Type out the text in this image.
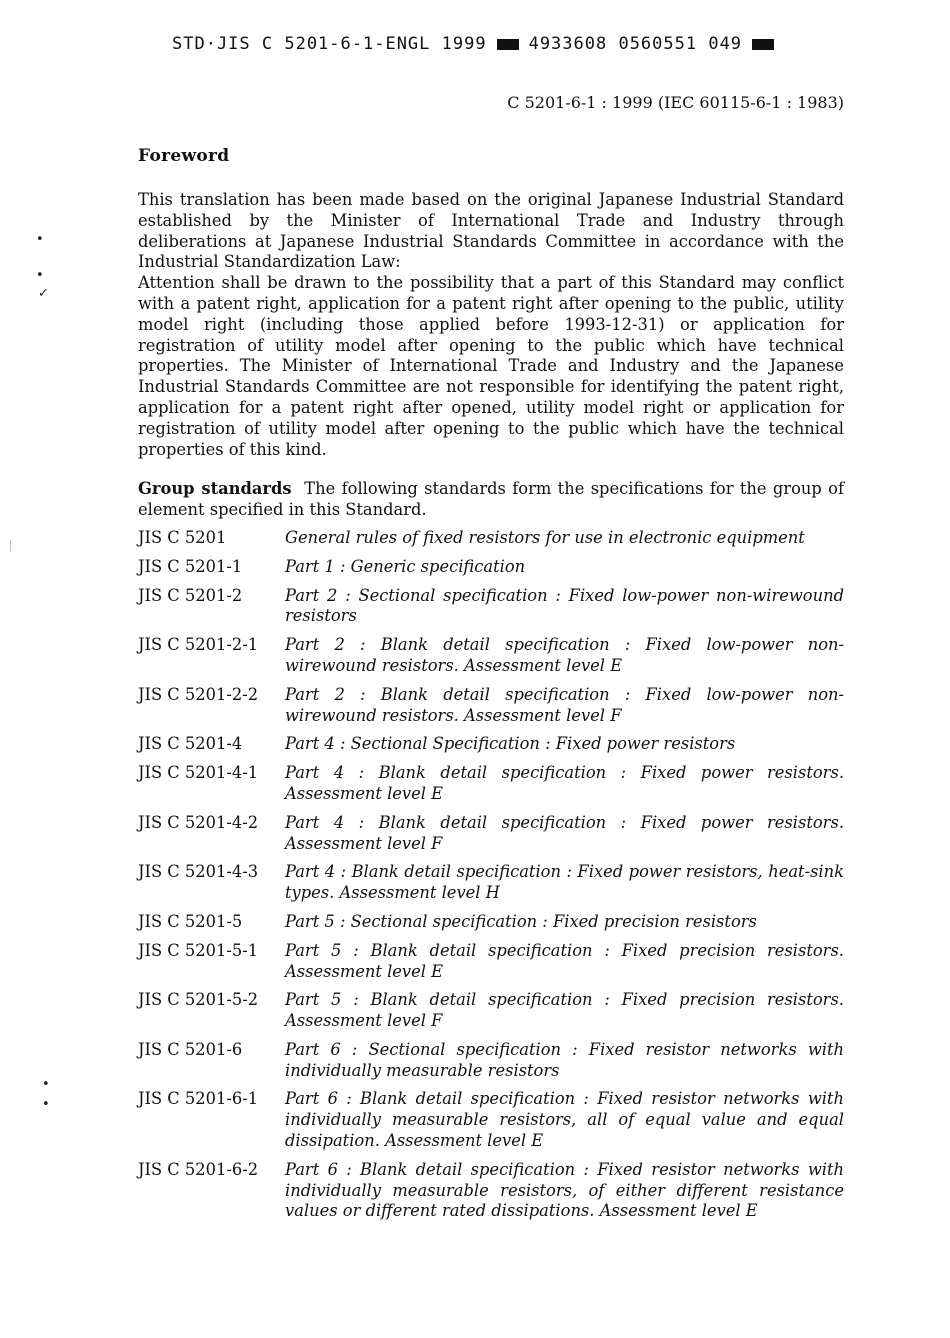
STD·JIS C 5201-6-1-ENGL 1999 4933608 0560551 049
C 5201-6-1 : 1999 (IEC 60115-6-1 : 1983)
•
•
✓
•
•
Foreword

This translation has been made based on the original Japanese Industrial Standard established by the Minister of International Trade and Industry through deliberations at Japanese Industrial Standards Committee in accordance with the Industrial Standardization Law:

Attention shall be drawn to the possibility that a part of this Standard may conflict with a patent right, application for a patent right after opening to the public, utility model right (including those applied before 1993-12-31) or application for registration of utility model after opening to the public which have technical properties. The Minister of International Trade and Industry and the Japanese Industrial Standards Committee are not responsible for identifying the patent right, application for a patent right after opened, utility model right or application for registration of utility model after opening to the public which have the technical properties of this kind.

Group standards The following standards form the specifications for the group of element specified in this Standard.

JIS C 5201	General rules of fixed resistors for use in electronic equipment
JIS C 5201-1	Part 1 : Generic specification
JIS C 5201-2	Part 2 : Sectional specification : Fixed low-power non-wirewound resistors
JIS C 5201-2-1	Part 2 : Blank detail specification : Fixed low-power non-wirewound resistors. Assessment level E
JIS C 5201-2-2	Part 2 : Blank detail specification : Fixed low-power non-wirewound resistors. Assessment level F
JIS C 5201-4	Part 4 : Sectional Specification : Fixed power resistors
JIS C 5201-4-1	Part 4 : Blank detail specification : Fixed power resistors. Assessment level E
JIS C 5201-4-2	Part 4 : Blank detail specification : Fixed power resistors. Assessment level F
JIS C 5201-4-3	Part 4 : Blank detail specification : Fixed power resistors, heat-sink types. Assessment level H
JIS C 5201-5	Part 5 : Sectional specification : Fixed precision resistors
JIS C 5201-5-1	Part 5 : Blank detail specification : Fixed precision resistors. Assessment level E
JIS C 5201-5-2	Part 5 : Blank detail specification : Fixed precision resistors. Assessment level F
JIS C 5201-6	Part 6 : Sectional specification : Fixed resistor networks with individually measurable resistors
JIS C 5201-6-1	Part 6 : Blank detail specification : Fixed resistor networks with individually measurable resistors, all of equal value and equal dissipation. Assessment level E
JIS C 5201-6-2	Part 6 : Blank detail specification : Fixed resistor networks with individually measurable resistors, of either different resistance values or different rated dissipations. Assessment level E
